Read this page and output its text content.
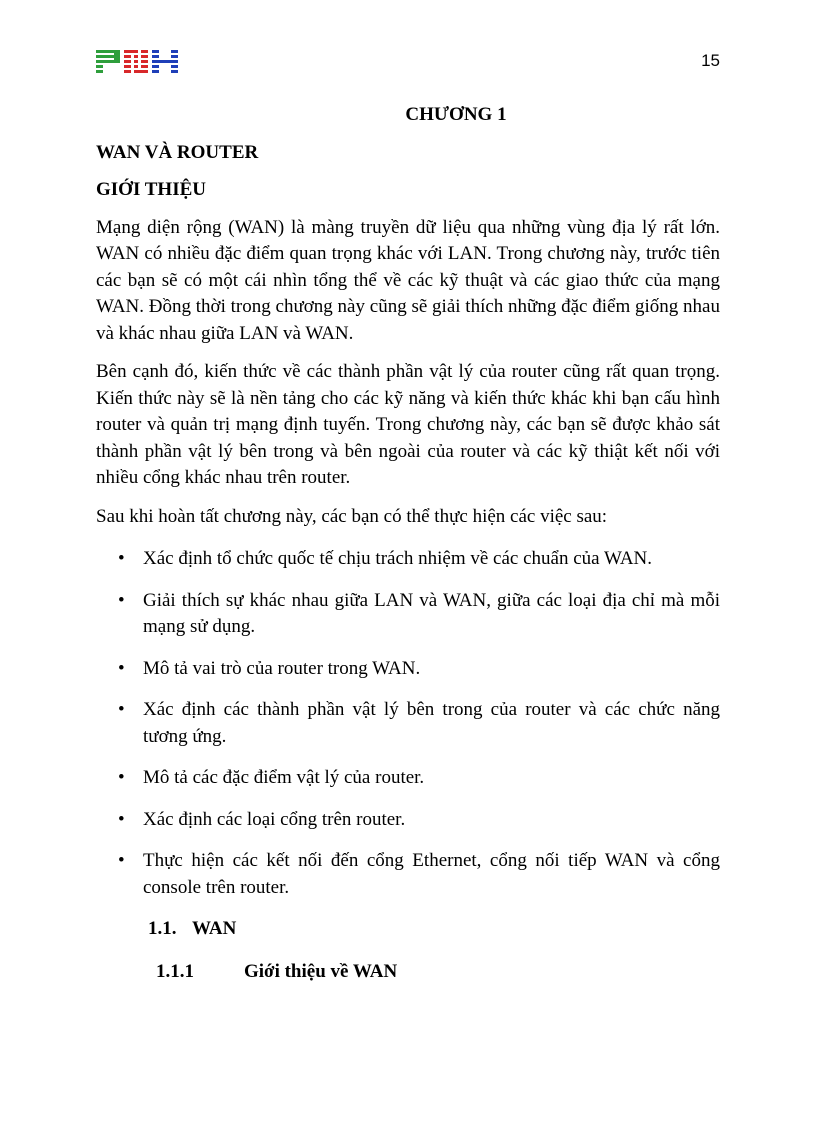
15
CHƯƠNG 1
WAN VÀ ROUTER
GIỚI THIỆU

Mạng diện rộng (WAN) là màng truyền dữ liệu qua những vùng địa lý rất lớn. WAN có nhiều đặc điểm quan trọng khác với LAN. Trong chương này, trước tiên các bạn sẽ có một cái nhìn tổng thể về các kỹ thuật và các giao thức của mạng WAN. Đồng thời trong chương này cũng sẽ giải thích những đặc điểm giống nhau và khác nhau giữa LAN và WAN.

Bên cạnh đó, kiến thức về các thành phần vật lý của router cũng rất quan trọng. Kiến thức này sẽ là nền tảng cho các kỹ năng và kiến thức khác khi bạn cấu hình router và quản trị mạng định tuyến. Trong chương này, các bạn sẽ được khảo sát thành phần vật lý bên trong và bên ngoài của router và các kỹ thiật kết nối với nhiều cổng khác nhau trên router.

Sau khi hoàn tất chương này, các bạn có thể thực hiện các việc sau:

• Xác định tổ chức quốc tế chịu trách nhiệm về các chuẩn của WAN.
• Giải thích sự khác nhau giữa LAN và WAN, giữa các loại địa chỉ mà mỗi mạng sử dụng.
• Mô tả vai trò của router trong WAN.
• Xác định các thành phần vật lý bên trong của router và các chức năng tương ứng.
• Mô tả các đặc điểm vật lý của router.
• Xác định các loại cổng trên router.
• Thực hiện các kết nối đến cổng Ethernet, cổng nối tiếp WAN và cổng console trên router.
1.1. WAN
1.1.1	Giới thiệu về WAN
